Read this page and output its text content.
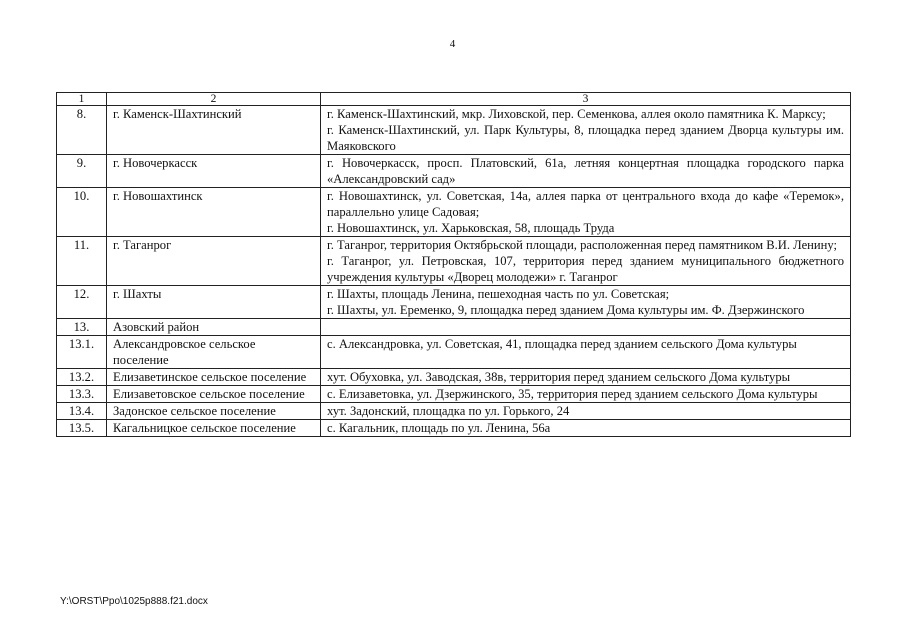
4
1	2	3
8.	г. Каменск-Шахтинский	г. Каменск-Шахтинский, мкр. Лиховской, пер. Семенкова, аллея около памятника К. Марксу;

г. Каменск-Шахтинский, ул. Парк Культуры, 8, площадка перед зданием Дворца культуры им. Маяковского

9.	г. Новочеркасск	г. Новочеркасск, просп. Платовский, 61а, летняя концертная площадка городского парка «Александровский сад»

10.	г. Новошахтинск	г. Новошахтинск, ул. Советская, 14а, аллея парка от центрального входа до кафе «Теремок», параллельно улице Садовая;

г. Новошахтинск, ул. Харьковская, 58, площадь Труда

11.	г. Таганрог	г. Таганрог, территория Октябрьской площади, расположенная перед памятником В.И. Ленину;

г. Таганрог, ул. Петровская, 107, территория перед зданием муниципального бюджетного учреждения культуры «Дворец молодежи» г. Таганрог

12.	г. Шахты	г. Шахты, площадь Ленина, пешеходная часть по ул. Советская;

г. Шахты, ул. Еременко, 9, площадка перед зданием Дома культуры им. Ф. Дзержинского

13.	Азовский район	
13.1.	Александровское сельское поселение	с. Александровка, ул. Советская, 41, площадка перед зданием сельского Дома культуры

13.2.	Елизаветинское сельское поселение	хут. Обуховка, ул. Заводская, 38в, территория перед зданием сельского Дома культуры

13.3.	Елизаветовское сельское поселение	с. Елизаветовка, ул. Дзержинского, 35, территория перед зданием сельского Дома культуры

13.4.	Задонское сельское поселение	хут. Задонский, площадка по ул. Горького, 24

13.5.	Кагальницкое сельское поселение	с. Кагальник, площадь по ул. Ленина, 56а

Y:\ORST\Ppo\1025p888.f21.docx
